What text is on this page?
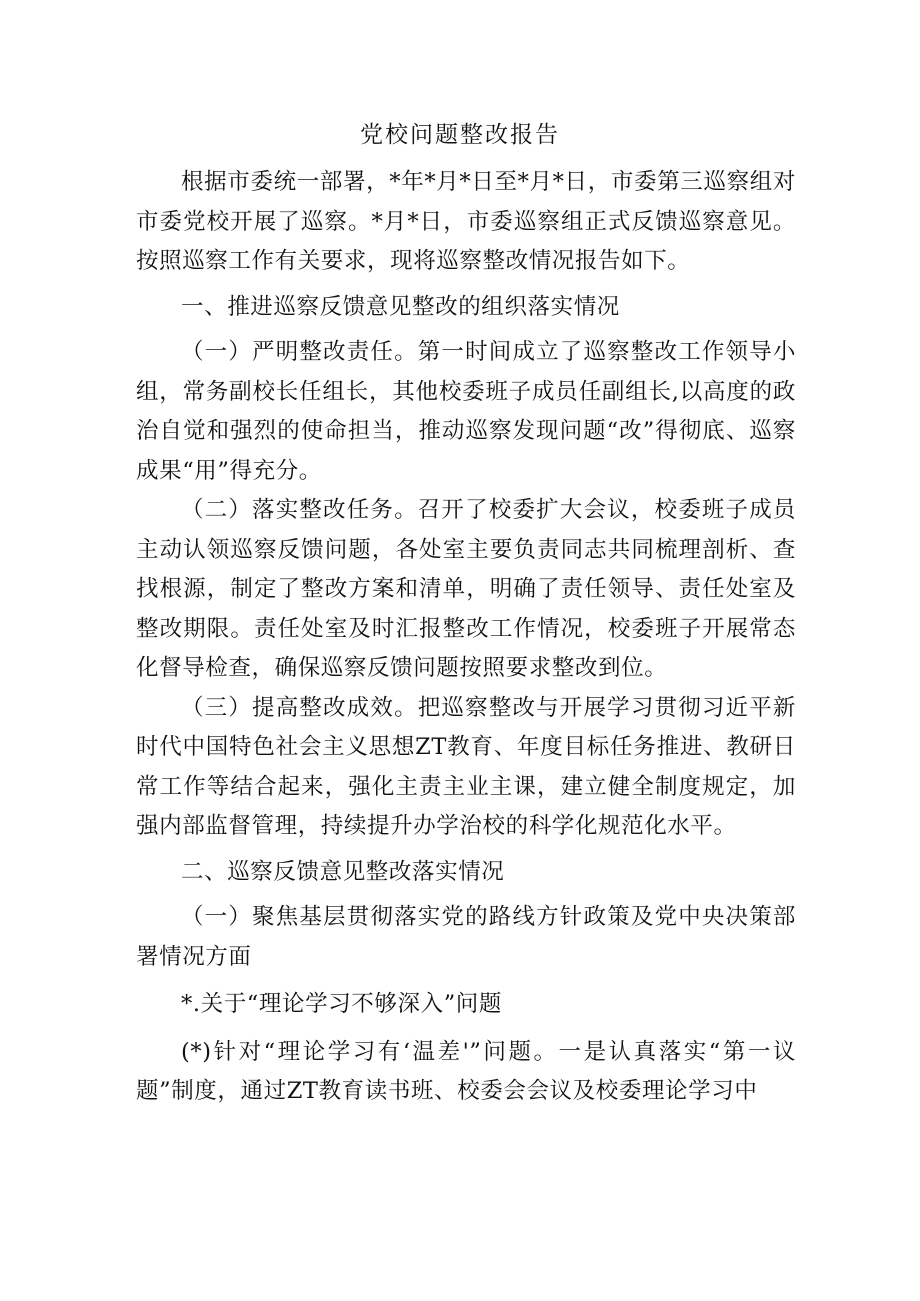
党校问题整改报告

根据市委统一部署，*年*月*日至*月*日，市委第三巡察组对市委党校开展了巡察。*月*日，市委巡察组正式反馈巡察意见。按照巡察工作有关要求，现将巡察整改情况报告如下。

一、推进巡察反馈意见整改的组织落实情况

（一）严明整改责任。第一时间成立了巡察整改工作领导小组，常务副校长任组长，其他校委班子成员任副组长,以高度的政治自觉和强烈的使命担当，推动巡察发现问题“改”得彻底、巡察成果“用”得充分。

（二）落实整改任务。召开了校委扩大会议，校委班子成员主动认领巡察反馈问题，各处室主要负责同志共同梳理剖析、查找根源，制定了整改方案和清单，明确了责任领导、责任处室及整改期限。责任处室及时汇报整改工作情况，校委班子开展常态化督导检查，确保巡察反馈问题按照要求整改到位。

（三）提高整改成效。把巡察整改与开展学习贯彻习近平新时代中国特色社会主义思想ZT教育、年度目标任务推进、教研日常工作等结合起来，强化主责主业主课，建立健全制度规定，加强内部监督管理，持续提升办学治校的科学化规范化水平。

二、巡察反馈意见整改落实情况

（一）聚焦基层贯彻落实党的路线方针政策及党中央决策部署情况方面

*.关于“理论学习不够深入”问题

(*)针对“理论学习有‘温差'”问题。一是认真落实“第一议题”制度，通过ZT教育读书班、校委会会议及校委理论学习中
